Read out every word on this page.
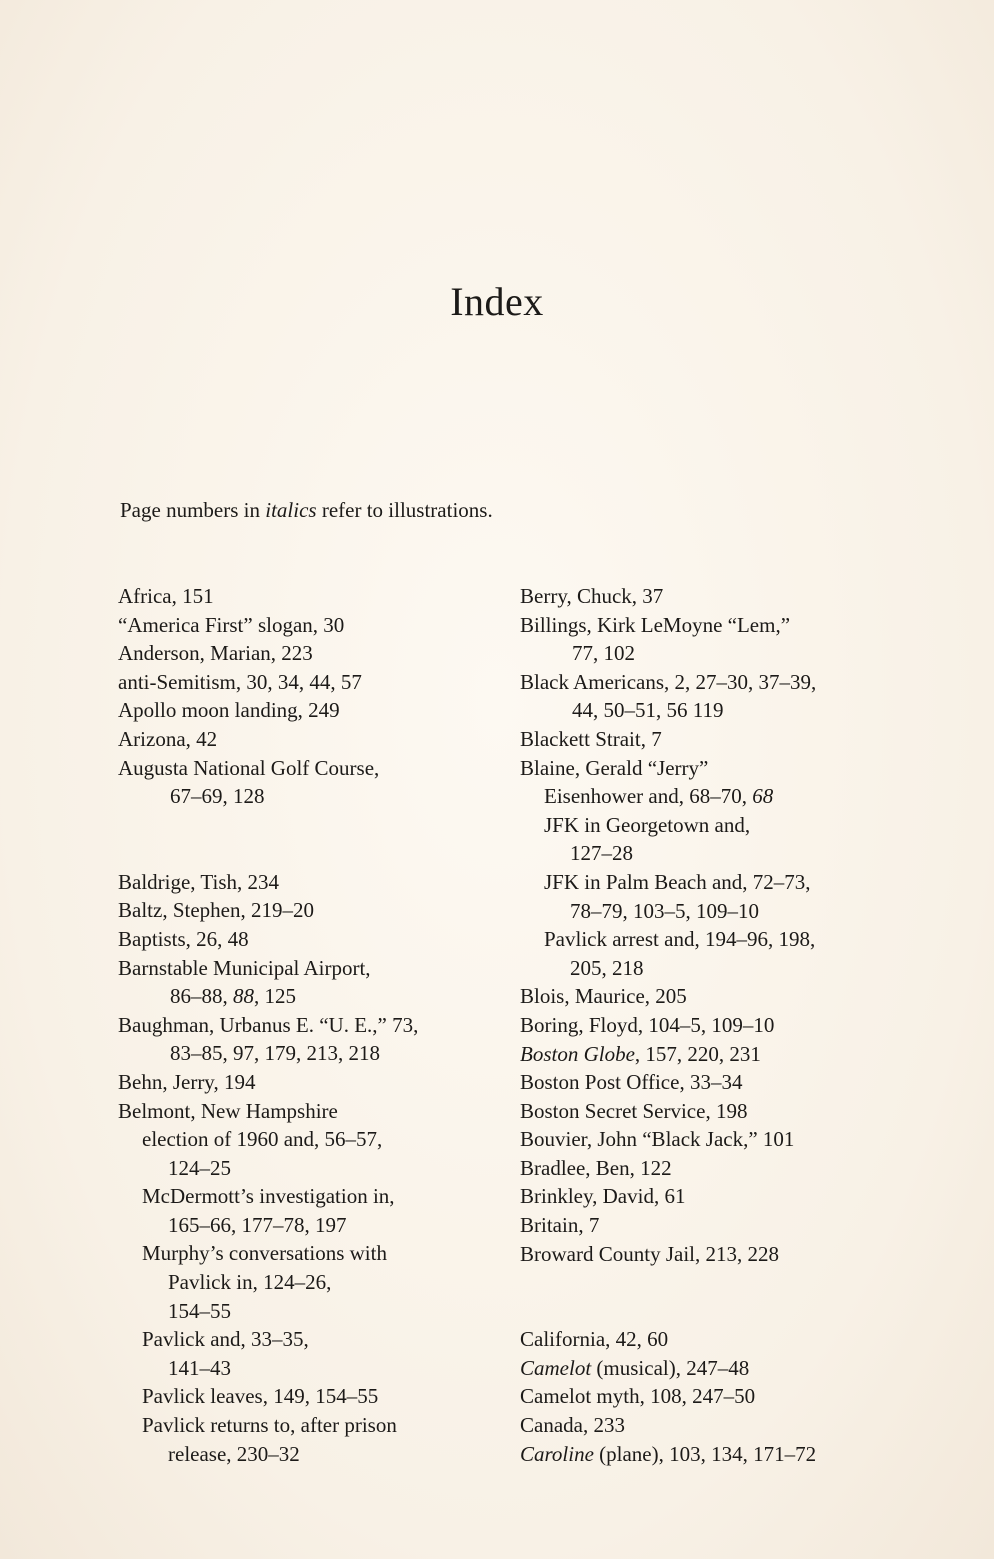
Index
Page numbers in italics refer to illustrations.
Africa, 151
“America First” slogan, 30
Anderson, Marian, 223
anti-Semitism, 30, 34, 44, 57
Apollo moon landing, 249
Arizona, 42
Augusta National Golf Course,
67–69, 128
Baldrige, Tish, 234
Baltz, Stephen, 219–20
Baptists, 26, 48
Barnstable Municipal Airport,
86–88, 88, 125
Baughman, Urbanus E. “U. E.,” 73,
83–85, 97, 179, 213, 218
Behn, Jerry, 194
Belmont, New Hampshire
election of 1960 and, 56–57,
124–25
McDermott’s investigation in,
165–66, 177–78, 197
Murphy’s conversations with
Pavlick in, 124–26,
154–55
Pavlick and, 33–35,
141–43
Pavlick leaves, 149, 154–55
Pavlick returns to, after prison
release, 230–32
Berry, Chuck, 37
Billings, Kirk LeMoyne “Lem,”
77, 102
Black Americans, 2, 27–30, 37–39,
44, 50–51, 56 119
Blackett Strait, 7
Blaine, Gerald “Jerry”
Eisenhower and, 68–70, 68
JFK in Georgetown and,
127–28
JFK in Palm Beach and, 72–73,
78–79, 103–5, 109–10
Pavlick arrest and, 194–96, 198,
205, 218
Blois, Maurice, 205
Boring, Floyd, 104–5, 109–10
Boston Globe, 157, 220, 231
Boston Post Office, 33–34
Boston Secret Service, 198
Bouvier, John “Black Jack,” 101
Bradlee, Ben, 122
Brinkley, David, 61
Britain, 7
Broward County Jail, 213, 228
California, 42, 60
Camelot (musical), 247–48
Camelot myth, 108, 247–50
Canada, 233
Caroline (plane), 103, 134, 171–72
